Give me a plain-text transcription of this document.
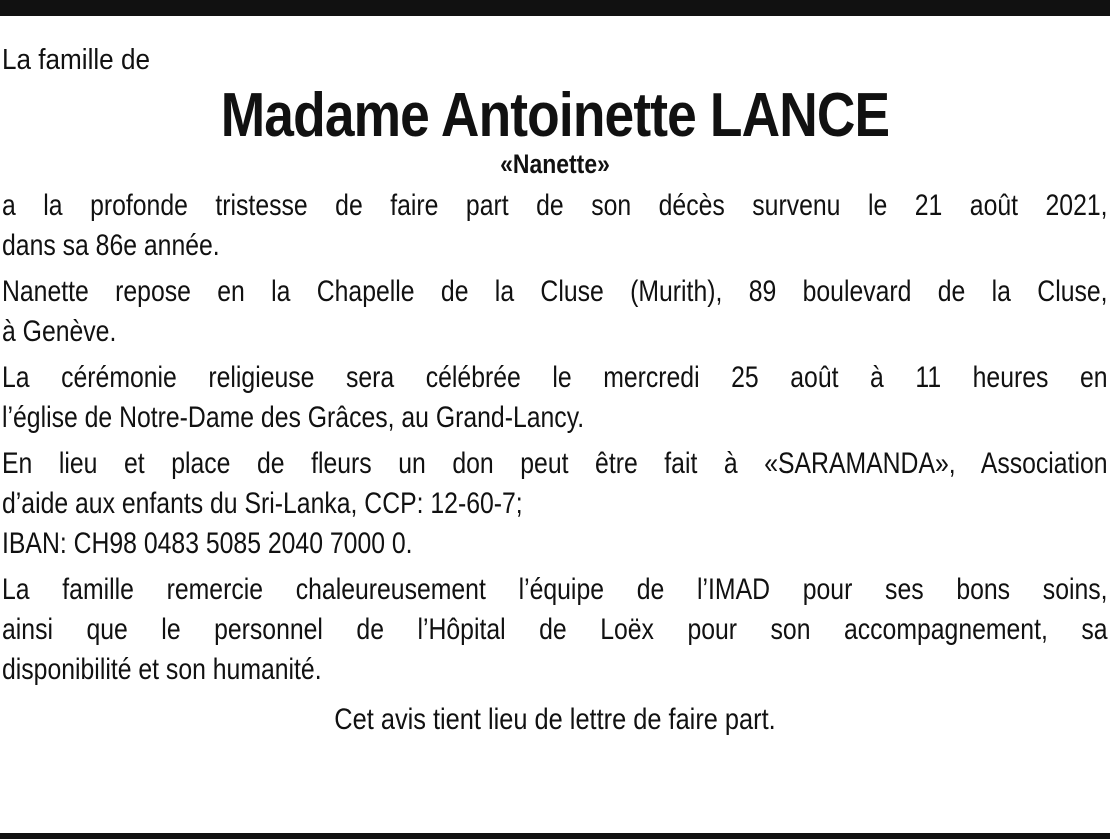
La famille de

Madame Antoinette LANCE
«Nanette»

a la profonde tristesse de faire part de son décès survenu le 21 août 2021,
dans sa 86e année.

Nanette repose en la Chapelle de la Cluse (Murith), 89 boulevard de la Cluse,
à Genève.

La cérémonie religieuse sera célébrée le mercredi 25 août à 11 heures en
l’église de Notre-Dame des Grâces, au Grand-Lancy.

En lieu et place de fleurs un don peut être fait à «SARAMANDA», Association
d’aide aux enfants du Sri-Lanka, CCP: 12-60-7;
IBAN: CH98 0483 5085 2040 7000 0.

La famille remercie chaleureusement l’équipe de l’IMAD pour ses bons soins,
ainsi que le personnel de l’Hôpital de Loëx pour son accompagnement, sa
disponibilité et son humanité.

Cet avis tient lieu de lettre de faire part.
